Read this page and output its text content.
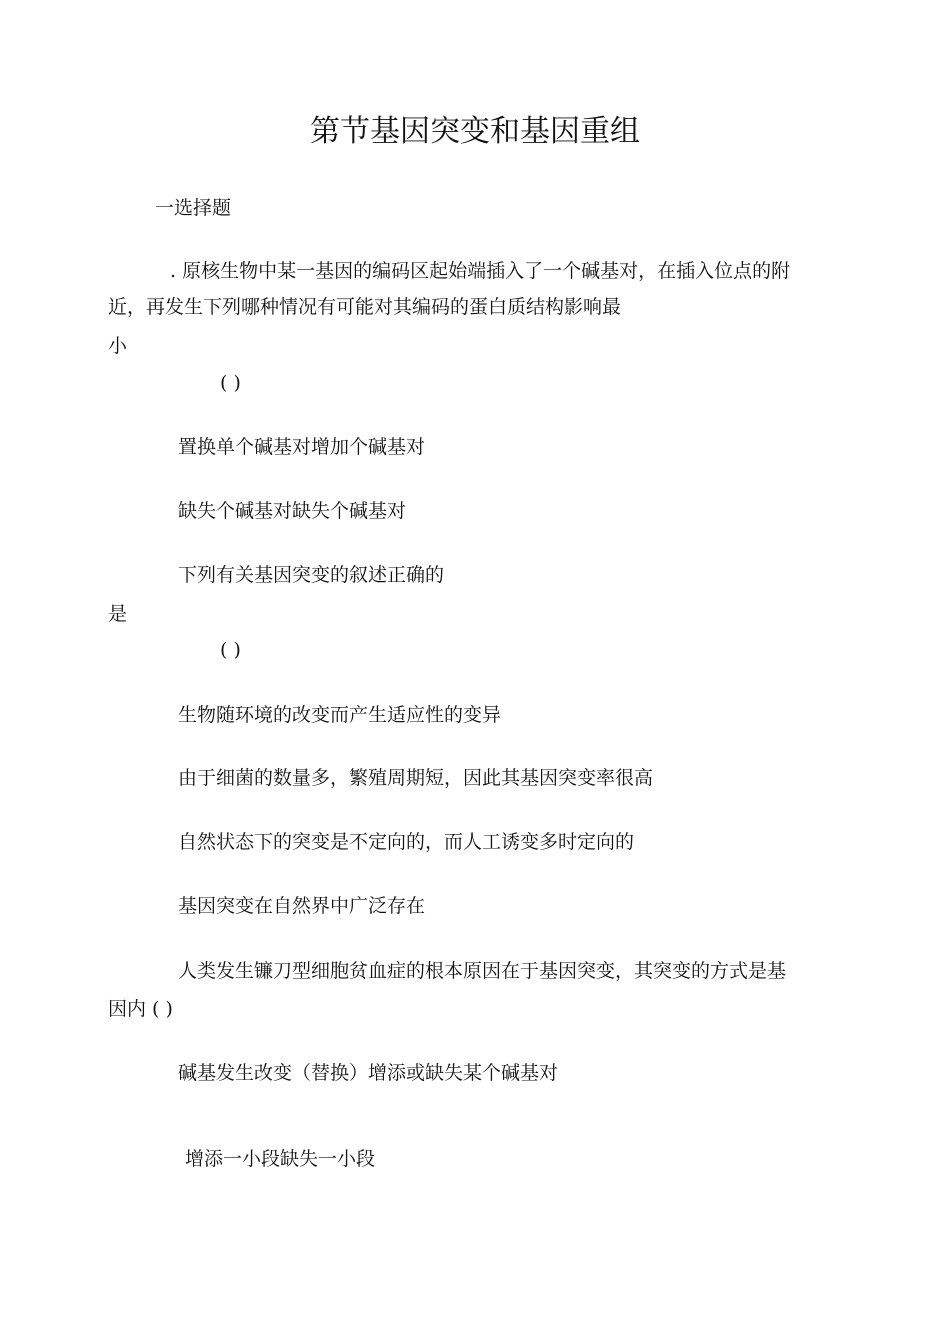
第节基因突变和基因重组
一选择题
. 原核生物中某一基因的编码区起始端插入了一个碱基对，在插入位点的附
近，再发生下列哪种情况有可能对其编码的蛋白质结构影响最
小
( )
置换单个碱基对增加个碱基对
缺失个碱基对缺失个碱基对
下列有关基因突变的叙述正确的
是
( )
生物随环境的改变而产生适应性的变异
由于细菌的数量多，繁殖周期短，因此其基因突变率很高
自然状态下的突变是不定向的，而人工诱变多时定向的
基因突变在自然界中广泛存在
人类发生镰刀型细胞贫血症的根本原因在于基因突变，其突变的方式是基
因内 ( )
碱基发生改变（替换）增添或缺失某个碱基对
增添一小段缺失一小段
